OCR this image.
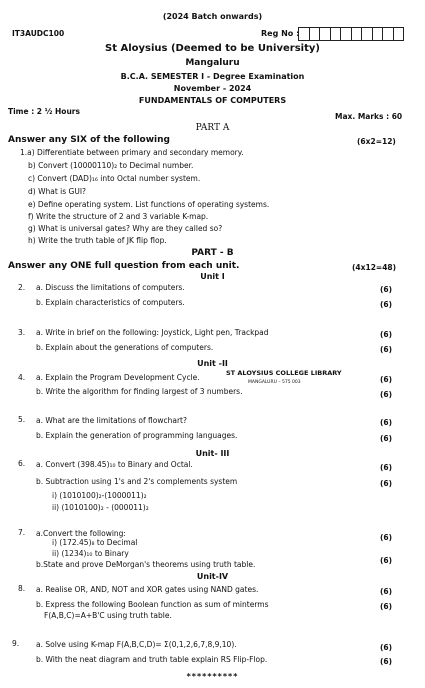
(2024 Batch onwards)
IT3AUDC100	Reg No :
St Aloysius (Deemed to be University)
Mangaluru
B.C.A. SEMESTER I - Degree Examination
November - 2024
FUNDAMENTALS OF COMPUTERS
Time : 2 ½ Hours
Max. Marks : 60
PART A
Answer any SIX of the following	(6x2=12)
1.a) Differentiate between primary and secondary memory.
b) Convert (10000110)₂ to Decimal number.
c) Convert (DAD)₁₆ into Octal number system.
d) What is GUI?
e) Define operating system. List functions of operating systems.
f) Write the structure of 2 and 3 variable K-map.
g) What is universal gates? Why are they called so?
h) Write the truth table of JK flip flop.
PART - B
Answer any ONE full question from each unit.	(4x12=48)
Unit I
2. a. Discuss the limitations of computers.	(6)
b. Explain characteristics of computers.	(6)
3. a. Write in brief on the following: Joystick, Light pen, Trackpad	(6)
b. Explain about the generations of computers.	(6)
Unit -II
ST ALOYSIUS COLLEGE LIBRARY
MANGALURU – 575 003
4. a. Explain the Program Development Cycle.	(6)
b. Write the algorithm for finding largest of 3 numbers.	(6)
5. a. What are the limitations of flowchart?	(6)
b. Explain the generation of programming languages.	(6)
Unit- III
6. a. Convert (398.45)₁₀ to Binary and Octal.	(6)
b. Subtraction using 1's and 2's complements system	(6)
i) (1010100)₂-(1000011)₂
ii) (1010100)₂ - (000011)₂
7. a.Convert the following:	(6)
i) (172.45)₈ to Decimal
ii) (1234)₁₀ to Binary
b.State and prove DeMorgan's theorems using truth table.	(6)
Unit-IV
8. a. Realise OR, AND, NOT and XOR gates using NAND gates.	(6)
b. Express the following Boolean function as sum of minterms	(6)
F(A,B,C)=A+B'C using truth table.
9. a. Solve using K-map F(A,B,C,D)= Σ(0,1,2,6,7,8,9,10).	(6)
b. With the neat diagram and truth table explain RS Flip-Flop.	(6)
**********
